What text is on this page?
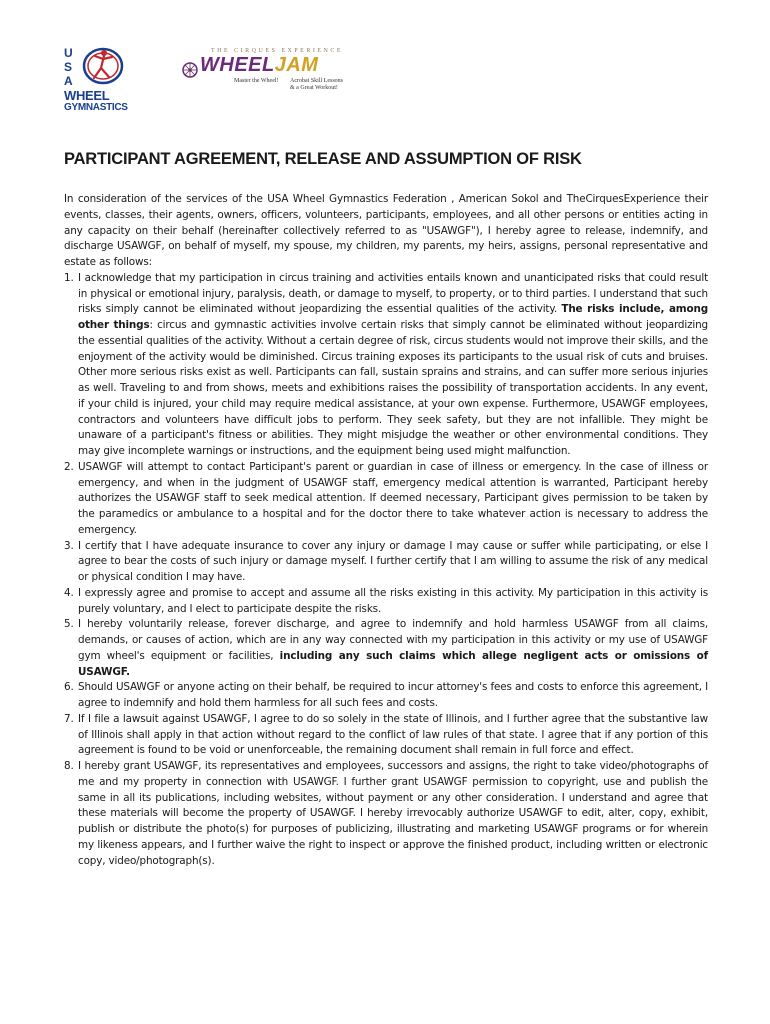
U
S
A
WHEEL
GYMNASTICS
THE CIRQUES EXPERIENCE
WHEELJAM
Master the Wheel! Acrobat Skill Lessons
& a Great Workout!
PARTICIPANT AGREEMENT, RELEASE AND ASSUMPTION OF RISK

In consideration of the services of the USA Wheel Gymnastics Federation , American Sokol and TheCirquesExperience their events, classes, their agents, owners, officers, volunteers, participants, employees, and all other persons or entities acting in any capacity on their behalf (hereinafter collectively referred to as "USAWGF"), I hereby agree to release, indemnify, and discharge USAWGF, on behalf of myself, my spouse, my children, my parents, my heirs, assigns, personal representative and estate as follows:

1. I acknowledge that my participation in circus training and activities entails known and unanticipated risks that could result in physical or emotional injury, paralysis, death, or damage to myself, to property, or to third parties. I understand that such risks simply cannot be eliminated without jeopardizing the essential qualities of the activity. The risks include, among other things: circus and gymnastic activities involve certain risks that simply cannot be eliminated without jeopardizing the essential qualities of the activity. Without a certain degree of risk, circus students would not improve their skills, and the enjoyment of the activity would be diminished. Circus training exposes its participants to the usual risk of cuts and bruises. Other more serious risks exist as well. Participants can fall, sustain sprains and strains, and can suffer more serious injuries as well. Traveling to and from shows, meets and exhibitions raises the possibility of transportation accidents. In any event, if your child is injured, your child may require medical assistance, at your own expense. Furthermore, USAWGF employees, contractors and volunteers have difficult jobs to perform. They seek safety, but they are not infallible. They might be unaware of a participant's fitness or abilities. They might misjudge the weather or other environmental conditions. They may give incomplete warnings or instructions, and the equipment being used might malfunction.
2. USAWGF will attempt to contact Participant's parent or guardian in case of illness or emergency. In the case of illness or emergency, and when in the judgment of USAWGF staff, emergency medical attention is warranted, Participant hereby authorizes the USAWGF staff to seek medical attention. If deemed necessary, Participant gives permission to be taken by the paramedics or ambulance to a hospital and for the doctor there to take whatever action is necessary to address the emergency.
3. I certify that I have adequate insurance to cover any injury or damage I may cause or suffer while participating, or else I agree to bear the costs of such injury or damage myself. I further certify that I am willing to assume the risk of any medical or physical condition I may have.
4. I expressly agree and promise to accept and assume all the risks existing in this activity. My participation in this activity is purely voluntary, and I elect to participate despite the risks.
5. I hereby voluntarily release, forever discharge, and agree to indemnify and hold harmless USAWGF from all claims, demands, or causes of action, which are in any way connected with my participation in this activity or my use of USAWGF gym wheel's equipment or facilities, including any such claims which allege negligent acts or omissions of USAWGF.
6. Should USAWGF or anyone acting on their behalf, be required to incur attorney's fees and costs to enforce this agreement, I agree to indemnify and hold them harmless for all such fees and costs.
7. If I file a lawsuit against USAWGF, I agree to do so solely in the state of Illinois, and I further agree that the substantive law of Illinois shall apply in that action without regard to the conflict of law rules of that state. I agree that if any portion of this agreement is found to be void or unenforceable, the remaining document shall remain in full force and effect.
8. I hereby grant USAWGF, its representatives and employees, successors and assigns, the right to take video/photographs of me and my property in connection with USAWGF. I further grant USAWGF permission to copyright, use and publish the same in all its publications, including websites, without payment or any other consideration. I understand and agree that these materials will become the property of USAWGF. I hereby irrevocably authorize USAWGF to edit, alter, copy, exhibit, publish or distribute the photo(s) for purposes of publicizing, illustrating and marketing USAWGF programs or for wherein my likeness appears, and I further waive the right to inspect or approve the finished product, including written or electronic copy, video/photograph(s).
